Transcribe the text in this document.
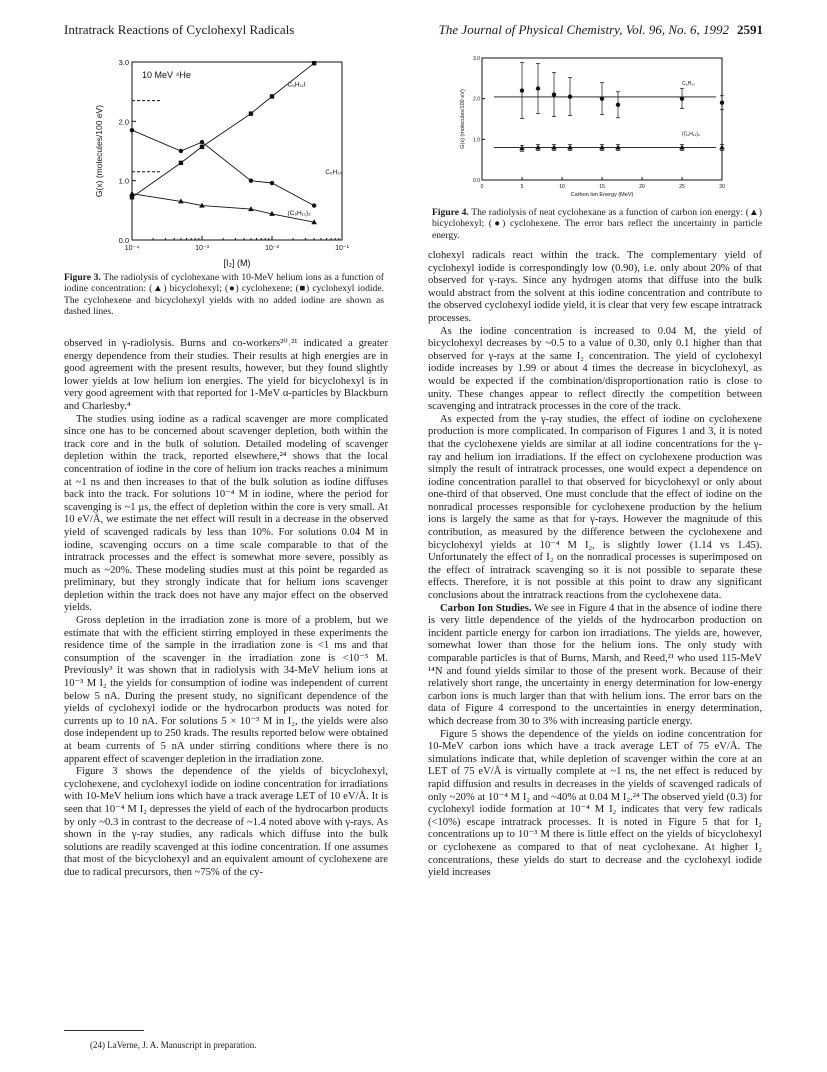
Intratrack Reactions of Cyclohexyl Radicals	The Journal of Physical Chemistry, Vol. 96, No. 6, 1992 2591
10⁻⁴	10⁻³	10⁻²	10⁻¹
0.0
1.0
2.0
3.0
10 MeV ⁴He
G(x) (molecules/100 eV)
[I₂] (M)
C₆H₁₁I
C₆H₁₀
(C₆H₁₁)₂
Figure 3. The radiolysis of cyclohexane with 10-MeV helium ions as a function of iodine concentration: (▲) bicyclohexyl; (●) cyclohexene; (■) cyclohexyl iodide. The cyclohexene and bicyclohexyl yields with no added iodine are shown as dashed lines.
0	5	10	15	20	25	30
0.0
1.0
2.0
3.0
G(x) (molecules/100 eV)
Carbon Ion Energy (MeV)
C₆H₁₀
(C₆H₁₁)₂
Figure 4. The radiolysis of neat cyclohexane as a function of carbon ion energy: (▲) bicyclohexyl; (●) cyclohexene. The error bars reflect the uncertainty in particle energy.

observed in γ-radiolysis. Burns and co-workers²⁰˒²¹ indicated a greater energy dependence from their studies. Their results at high energies are in good agreement with the present results, however, but they found slightly lower yields at low helium ion energies. The yield for bicyclohexyl is in very good agreement with that reported for 1-MeV α-particles by Blackburn and Charlesby.⁴

The studies using iodine as a radical scavenger are more complicated since one has to be concerned about scavenger depletion, both within the track core and in the bulk of solution. Detailed modeling of scavenger depletion within the track, reported elsewhere,²⁴ shows that the local concentration of iodine in the core of helium ion tracks reaches a minimum at ~1 ns and then increases to that of the bulk solution as iodine diffuses back into the track. For solutions 10⁻⁴ M in iodine, where the period for scavenging is ~1 μs, the effect of depletion within the core is very small. At 10 eV/Å, we estimate the net effect will result in a decrease in the observed yield of scavenged radicals by less than 10%. For solutions 0.04 M in iodine, scavenging occurs on a time scale comparable to that of the intratrack processes and the effect is somewhat more severe, possibly as much as ~20%. These modeling studies must at this point be regarded as preliminary, but they strongly indicate that for helium ions scavenger depletion within the track does not have any major effect on the observed yields.

Gross depletion in the irradiation zone is more of a problem, but we estimate that with the efficient stirring employed in these experiments the residence time of the sample in the irradiation zone is <1 ms and that consumption of the scavenger in the irradiation zone is <10⁻⁵ M. Previously³ it was shown that in radiolysis with 34-MeV helium ions at 10⁻³ M I₂ the yields for consumption of iodine was independent of current below 5 nA. During the present study, no significant dependence of the yields of cyclohexyl iodide or the hydrocarbon products was noted for currents up to 10 nA. For solutions 5 × 10⁻³ M in I₂, the yields were also dose independent up to 250 krads. The results reported below were obtained at beam currents of 5 nA under stirring conditions where there is no apparent effect of scavenger depletion in the irradiation zone.

Figure 3 shows the dependence of the yields of bicyclohexyl, cyclohexene, and cyclohexyl iodide on iodine concentration for irradiations with 10-MeV helium ions which have a track average LET of 10 eV/Å. It is seen that 10⁻⁴ M I₂ depresses the yield of each of the hydrocarbon products by only ~0.3 in contrast to the decrease of ~1.4 noted above with γ-rays. As shown in the γ-ray studies, any radicals which diffuse into the bulk solutions are readily scavenged at this iodine concentration. If one assumes that most of the bicyclohexyl and an equivalent amount of cyclohexene are due to radical precursors, then ~75% of the cy-

clohexyl radicals react within the track. The complementary yield of cyclohexyl iodide is correspondingly low (0.90), i.e. only about 20% of that observed for γ-rays. Since any hydrogen atoms that diffuse into the bulk would abstract from the solvent at this iodine concentration and contribute to the observed cyclohexyl iodide yield, it is clear that very few escape intratrack processes.

As the iodine concentration is increased to 0.04 M, the yield of bicyclohexyl decreases by ~0.5 to a value of 0.30, only 0.1 higher than that observed for γ-rays at the same I₂ concentration. The yield of cyclohexyl iodide increases by 1.99 or about 4 times the decrease in bicyclohexyl, as would be expected if the combination/disproportionation ratio is close to unity. These changes appear to reflect directly the competition between scavenging and intratrack processes in the core of the track.

As expected from the γ-ray studies, the effect of iodine on cyclohexene production is more complicated. In comparison of Figures 1 and 3, it is noted that the cyclohexene yields are similar at all iodine concentrations for the γ-ray and helium ion irradiations. If the effect on cyclohexene production was simply the result of intratrack processes, one would expect a dependence on iodine concentration parallel to that observed for bicyclohexyl or only about one-third of that observed. One must conclude that the effect of iodine on the nonradical processes responsible for cyclohexene production by the helium ions is largely the same as that for γ-rays. However the magnitude of this contribution, as measured by the difference between the cyclohexene and bicyclohexyl yields at 10⁻⁴ M I₂, is slightly lower (1.14 vs 1.45). Unfortunately the effect of I₂ on the nonradical processes is superimposed on the effect of intratrack scavenging so it is not possible to separate these effects. Therefore, it is not possible at this point to draw any significant conclusions about the intratrack reactions from the cyclohexene data.

Carbon Ion Studies. We see in Figure 4 that in the absence of iodine there is very little dependence of the yields of the hydrocarbon production on incident particle energy for carbon ion irradiations. The yields are, however, somewhat lower than those for the helium ions. The only study with comparable particles is that of Burns, Marsh, and Reed,²¹ who used 115-MeV ¹⁴N and found yields similar to those of the present work. Because of their relatively short range, the uncertainty in energy determination for low-energy carbon ions is much larger than that with helium ions. The error bars on the data of Figure 4 correspond to the uncertainties in energy determination, which decrease from 30 to 3% with increasing particle energy.

Figure 5 shows the dependence of the yields on iodine concentration for 10-MeV carbon ions which have a track average LET of 75 eV/Å. The simulations indicate that, while depletion of scavenger within the core at an LET of 75 eV/Å is virtually complete at ~1 ns, the net effect is reduced by rapid diffusion and results in decreases in the yields of scavenged radicals of only ~20% at 10⁻⁴ M I₂ and ~40% at 0.04 M I₂.²⁴ The observed yield (0.3) for cyclohexyl iodide formation at 10⁻⁴ M I₂ indicates that very few radicals (<10%) escape intratrack processes. It is noted in Figure 5 that for I₂ concentrations up to 10⁻³ M there is little effect on the yields of bicyclohexyl or cyclohexene as compared to that of neat cyclohexane. At higher I₂ concentrations, these yields do start to decrease and the cyclohexyl iodide yield increases

(24) LaVerne, J. A. Manuscript in preparation.
